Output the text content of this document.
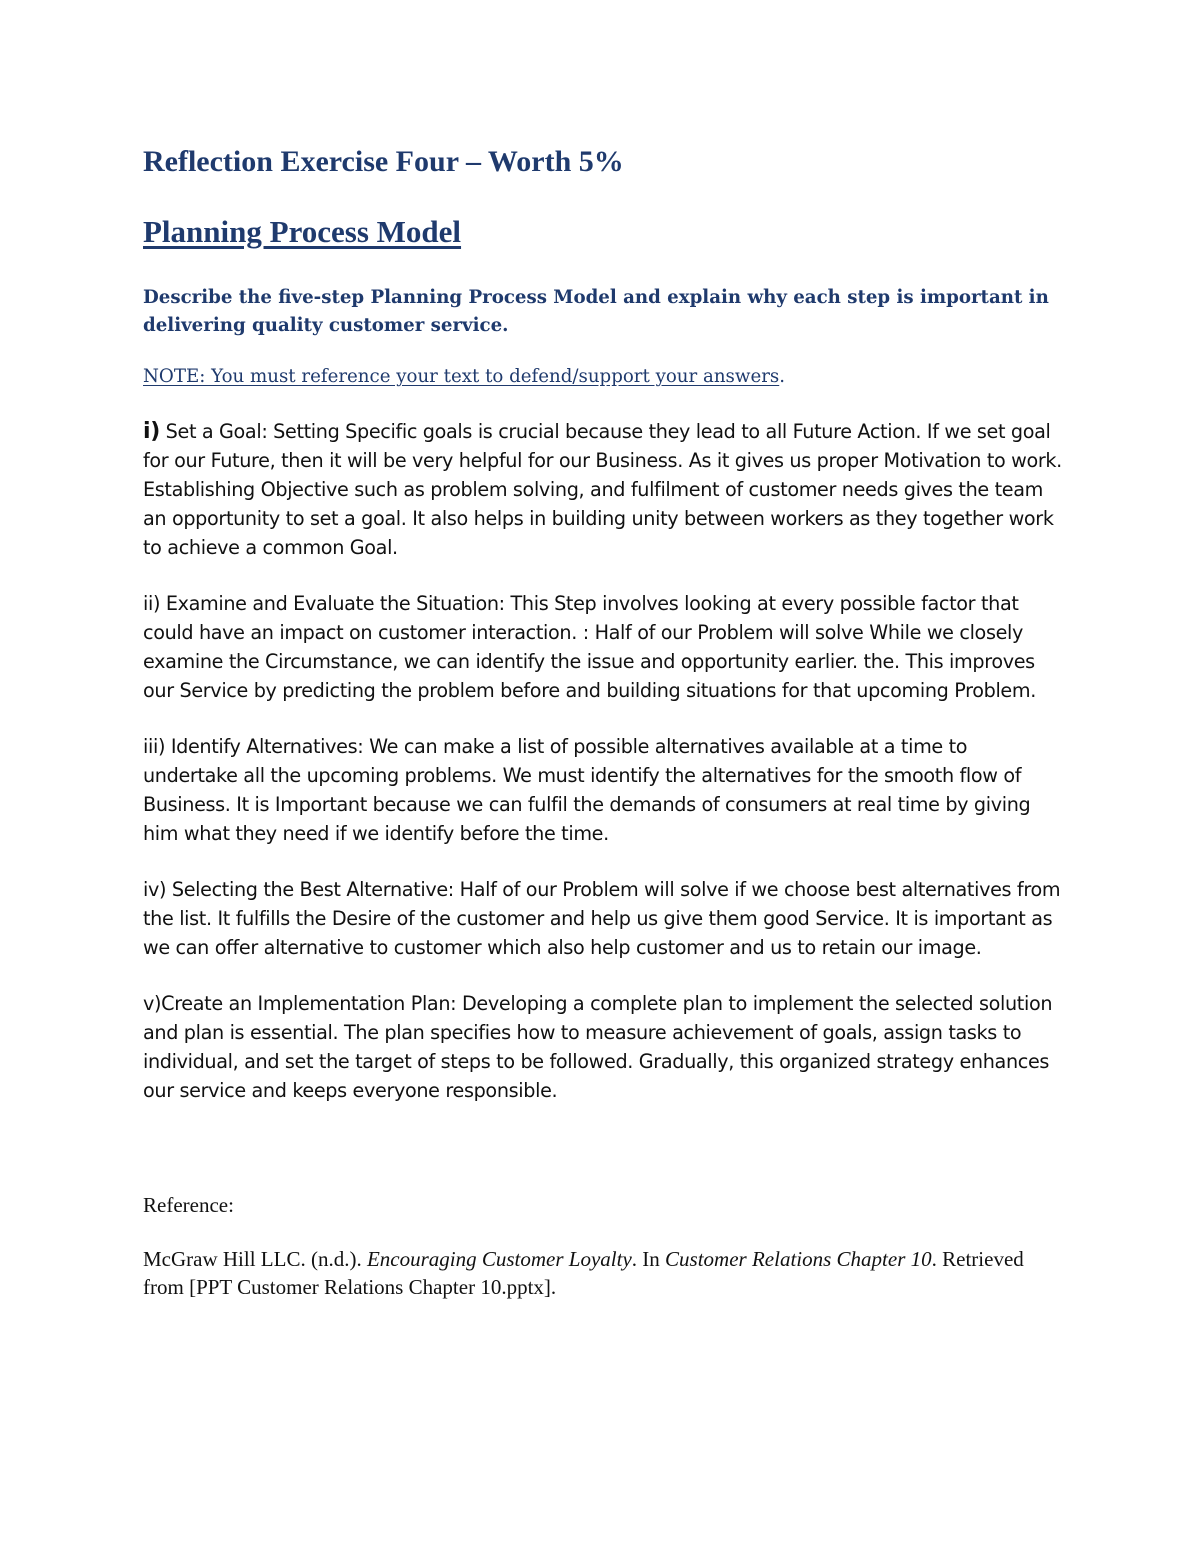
Reflection Exercise Four – Worth 5%
Planning Process Model

Describe the five-step Planning Process Model and explain why each step is important in delivering quality customer service.

NOTE: You must reference your text to defend/support your answers.

i) Set a Goal: Setting Specific goals is crucial because they lead to all Future Action. If we set goal for our Future, then it will be very helpful for our Business. As it gives us proper Motivation to work. Establishing Objective such as problem solving, and fulfilment of customer needs gives the team an opportunity to set a goal. It also helps in building unity between workers as they together work to achieve a common Goal.

ii) Examine and Evaluate the Situation: This Step involves looking at every possible factor that could have an impact on customer interaction. : Half of our Problem will solve While we closely examine the Circumstance, we can identify the issue and opportunity earlier. the. This improves our Service by predicting the problem before and building situations for that upcoming Problem.

iii) Identify Alternatives: We can make a list of possible alternatives available at a time to undertake all the upcoming problems. We must identify the alternatives for the smooth flow of Business. It is Important because we can fulfil the demands of consumers at real time by giving him what they need if we identify before the time.

iv) Selecting the Best Alternative: Half of our Problem will solve if we choose best alternatives from the list. It fulfills the Desire of the customer and help us give them good Service. It is important as we can offer alternative to customer which also help customer and us to retain our image.

v)Create an Implementation Plan: Developing a complete plan to implement the selected solution and plan is essential. The plan specifies how to measure achievement of goals, assign tasks to individual, and set the target of steps to be followed. Gradually, this organized strategy enhances our service and keeps everyone responsible.

Reference:

McGraw Hill LLC. (n.d.). Encouraging Customer Loyalty. In Customer Relations Chapter 10. Retrieved from [PPT Customer Relations Chapter 10.pptx].
